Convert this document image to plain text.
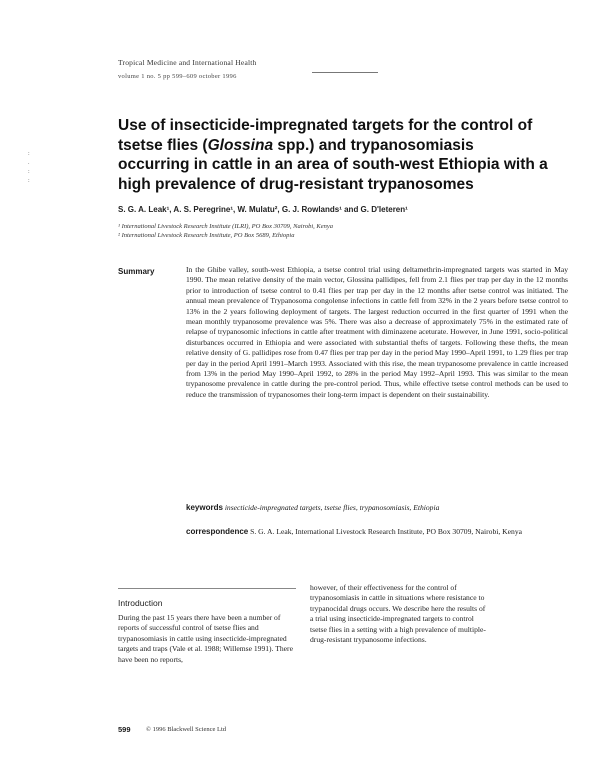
Tropical Medicine and International Health
volume 1 no. 5 pp 599–609 october 1996
:
.
:
:
Use of insecticide-impregnated targets for the control of tsetse flies (Glossina spp.) and trypanosomiasis occurring in cattle in an area of south-west Ethiopia with a high prevalence of drug-resistant trypanosomes
S. G. A. Leak¹, A. S. Peregrine¹, W. Mulatu², G. J. Rowlands¹ and G. D'Ieteren¹

¹ International Livestock Research Institute (ILRI), PO Box 30709, Nairobi, Kenya

² International Livestock Research Institute, PO Box 5689, Ethiopia

Summary	In the Ghibe valley, south-west Ethiopia, a tsetse control trial using deltamethrin-impregnated targets was started in May 1990. The mean relative density of the main vector, Glossina pallidipes, fell from 2.1 flies per trap per day in the 12 months prior to introduction of tsetse control to 0.41 flies per trap per day in the 12 months after tsetse control was initiated. The annual mean prevalence of Trypanosoma congolense infections in cattle fell from 32% in the 2 years before tsetse control to 13% in the 2 years following deployment of targets. The largest reduction occurred in the first quarter of 1991 when the mean monthly trypanosome prevalence was 5%. There was also a decrease of approximately 75% in the estimated rate of relapse of trypanosomic infections in cattle after treatment with diminazene aceturate. However, in June 1991, socio-political disturbances occurred in Ethiopia and were associated with substantial thefts of targets. Following these thefts, the mean relative density of G. pallidipes rose from 0.47 flies per trap per day in the period May 1990–April 1991, to 1.29 flies per trap per day in the period April 1991–March 1993. Associated with this rise, the mean trypanosome prevalence in cattle increased from 13% in the period May 1990–April 1992, to 28% in the period May 1992–April 1993. This was similar to the mean trypanosome prevalence in cattle during the pre-control period. Thus, while effective tsetse control methods can be used to reduce the transmission of trypanosomes their long-term impact is dependent on their sustainability.

keywords insecticide-impregnated targets, tsetse flies, trypanosomiasis, Ethiopia
correspondence S. G. A. Leak, International Livestock Research Institute, PO Box 30709, Nairobi, Kenya
Introduction

During the past 15 years there have been a number of reports of successful control of tsetse flies and trypanosomiasis in cattle using insecticide-impregnated targets and traps (Vale et al. 1988; Willemse 1991). There have been no reports,

however, of their effectiveness for the control of trypanosomiasis in cattle in situations where resistance to trypanocidal drugs occurs. We describe here the results of a trial using insecticide-impregnated targets to control tsetse flies in a setting with a high prevalence of multiple-drug-resistant trypanosome infections.

599 © 1996 Blackwell Science Ltd
